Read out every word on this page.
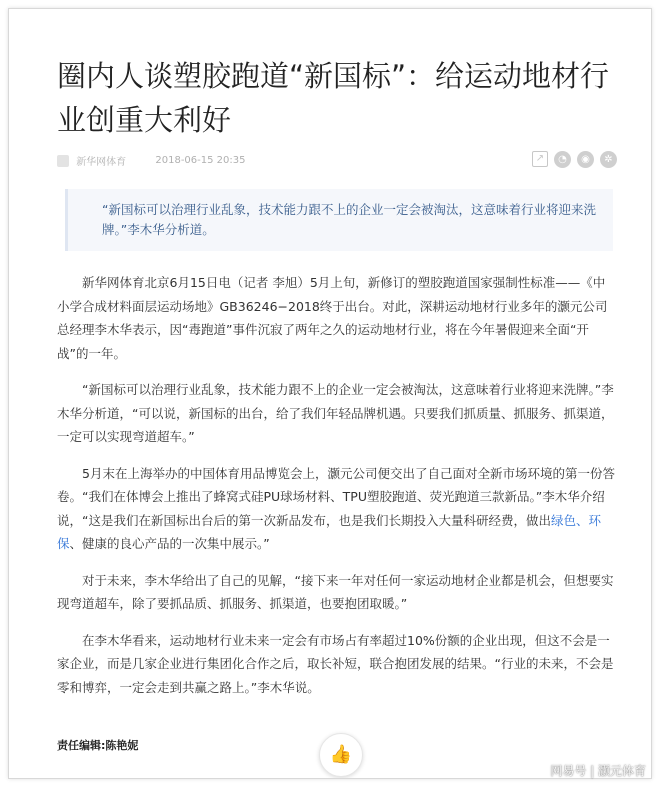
圈内人谈塑胶跑道“新国标”：给运动地材行业创重大利好
新华网体育	2018-06-15 20:35	↗	◔	◉	✲
“新国标可以治理行业乱象，技术能力跟不上的企业一定会被淘汰，这意味着行业将迎来洗牌。”李木华分析道。

新华网体育北京6月15日电（记者 李旭）5月上旬，新修订的塑胶跑道国家强制性标准——《中小学合成材料面层运动场地》GB36246−2018终于出台。对此，深耕运动地材行业多年的灏元公司总经理李木华表示，因“毒跑道”事件沉寂了两年之久的运动地材行业，将在今年暑假迎来全面“开战”的一年。

“新国标可以治理行业乱象，技术能力跟不上的企业一定会被淘汰，这意味着行业将迎来洗牌。”李木华分析道，“可以说，新国标的出台，给了我们年轻品牌机遇。只要我们抓质量、抓服务、抓渠道，一定可以实现弯道超车。”

5月末在上海举办的中国体育用品博览会上，灏元公司便交出了自己面对全新市场环境的第一份答卷。“我们在体博会上推出了蜂窝式硅PU球场材料、TPU塑胶跑道、荧光跑道三款新品。”李木华介绍说，“这是我们在新国标出台后的第一次新品发布，也是我们长期投入大量科研经费，做出绿色、环保、健康的良心产品的一次集中展示。”

对于未来，李木华给出了自己的见解，“接下来一年对任何一家运动地材企业都是机会，但想要实现弯道超车，除了要抓品质、抓服务、抓渠道，也要抱团取暖。”

在李木华看来，运动地材行业未来一定会有市场占有率超过10%份额的企业出现，但这不会是一家企业，而是几家企业进行集团化合作之后，取长补短，联合抱团发展的结果。“行业的未来，不会是零和博弈，一定会走到共赢之路上。”李木华说。

责任编辑:陈艳妮	👍
网易号 | 灏元体育
